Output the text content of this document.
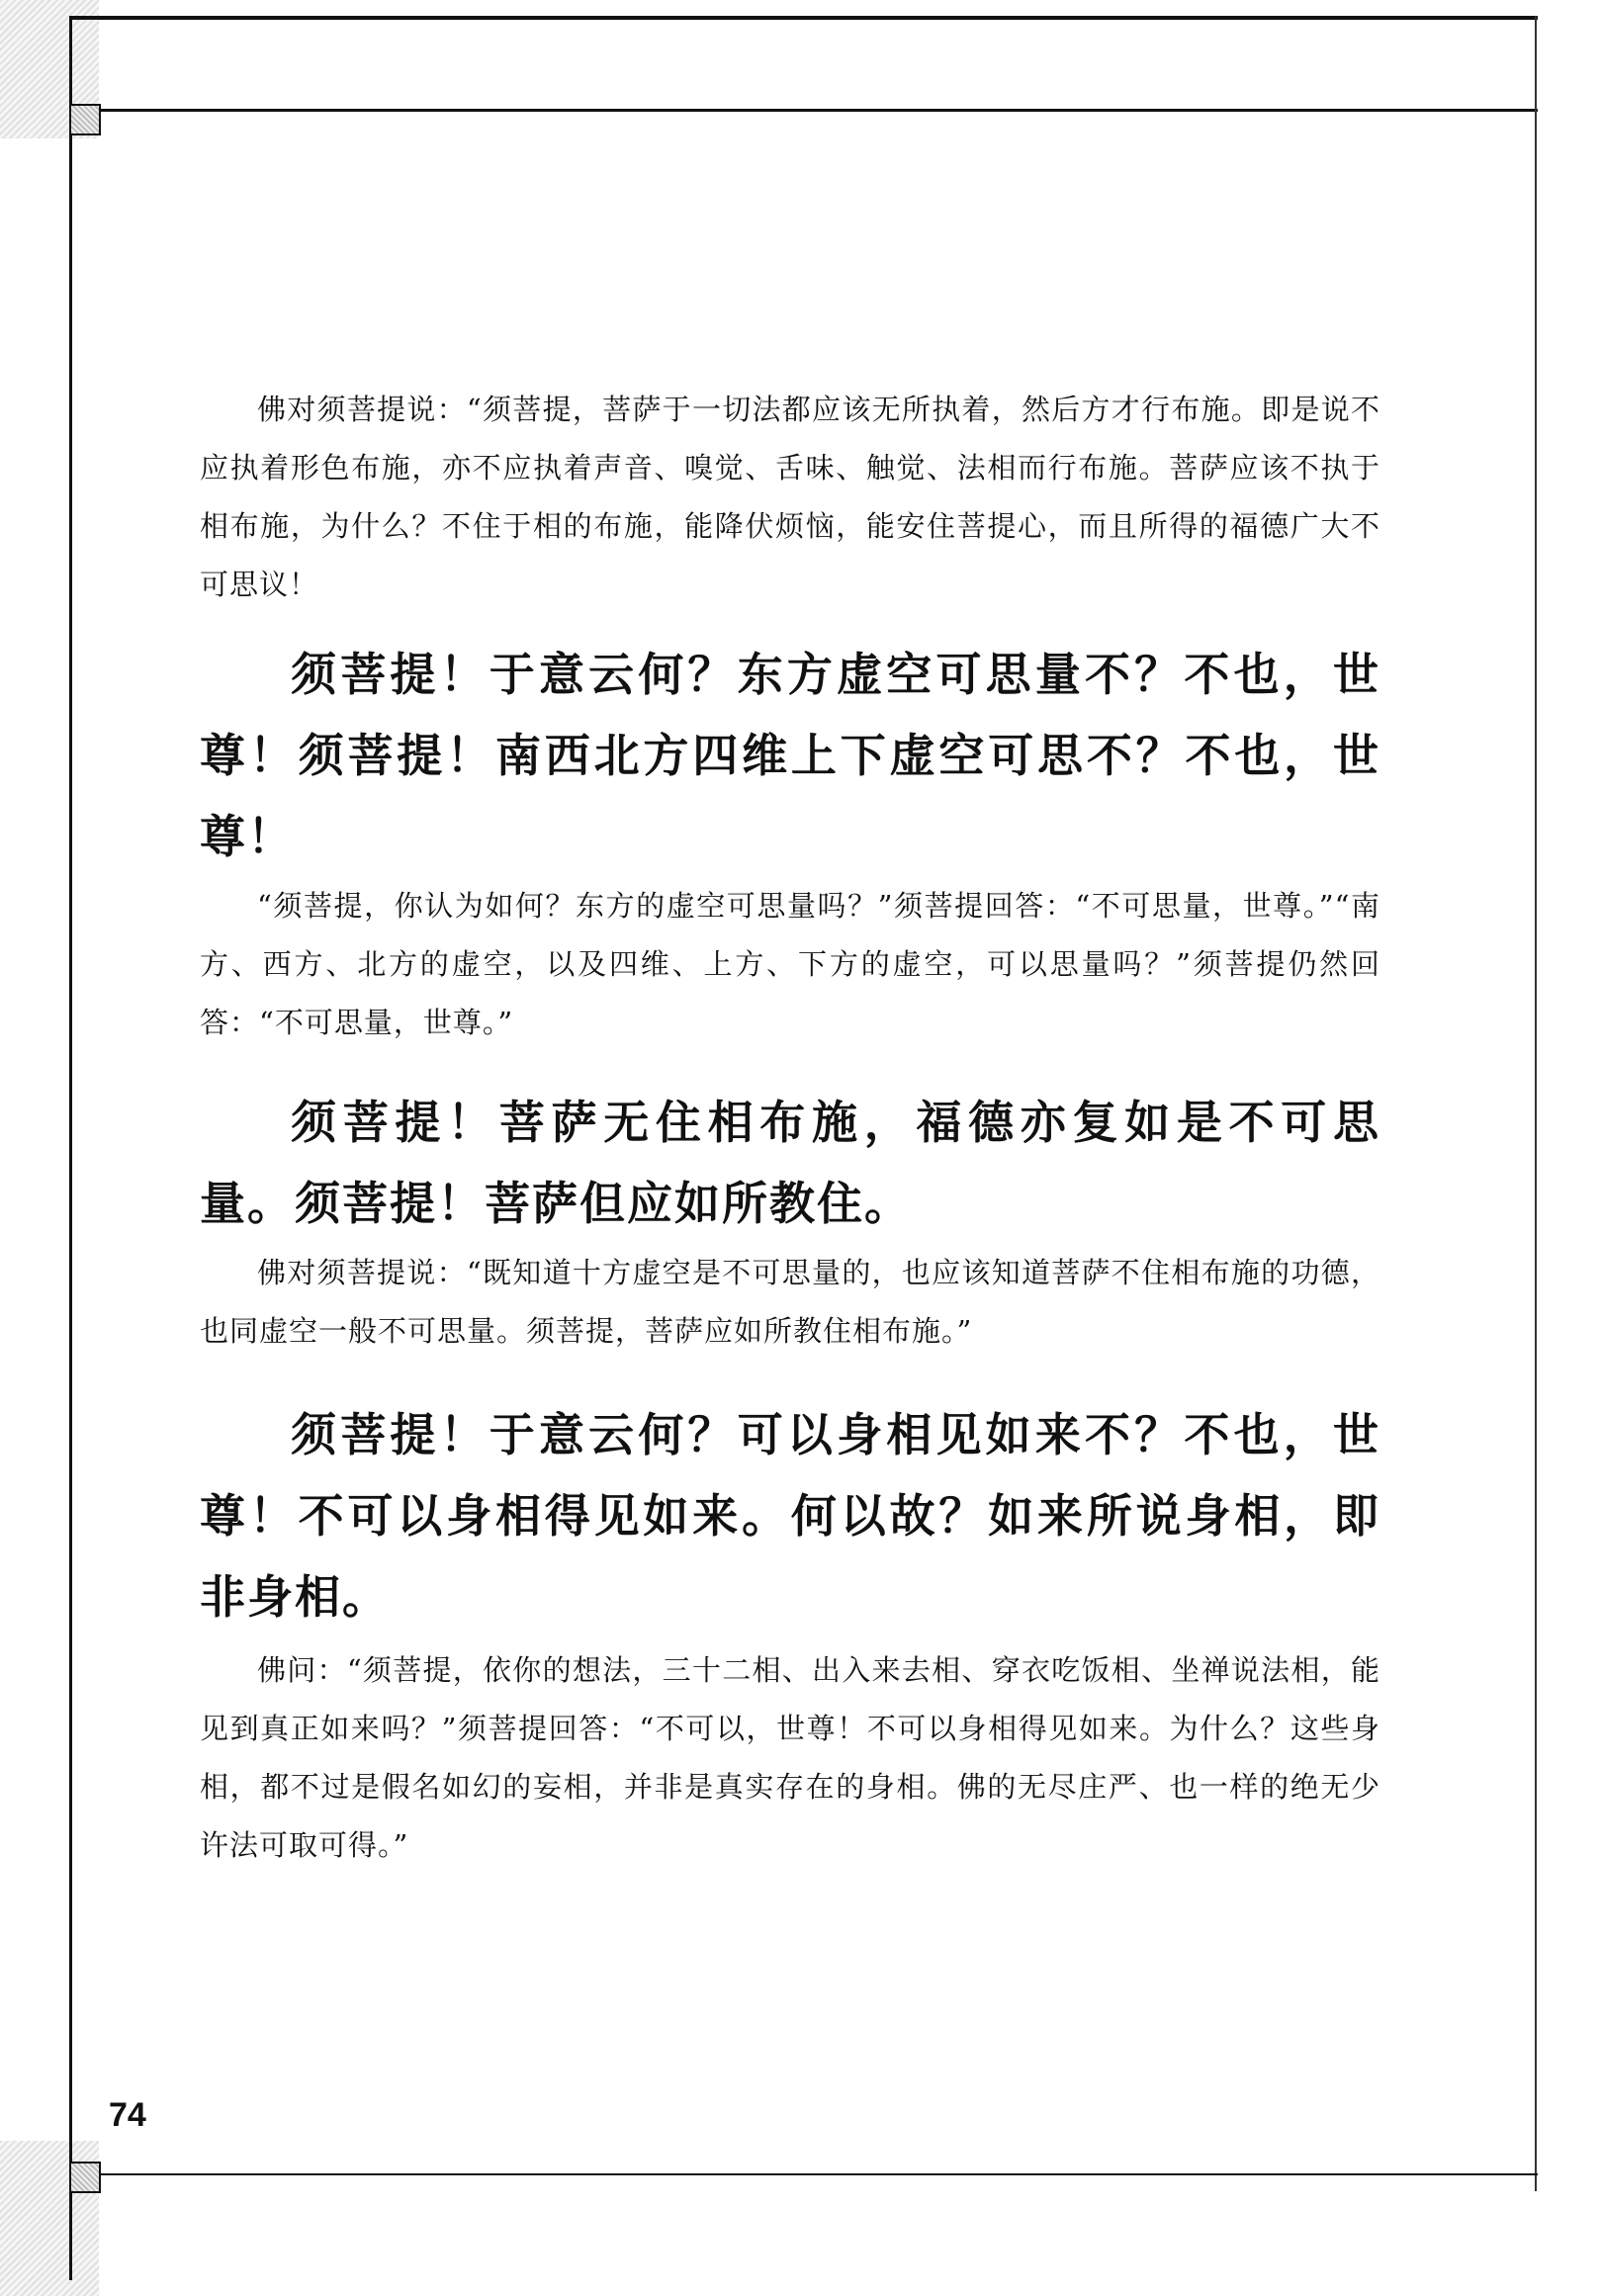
佛对须菩提说：“须菩提，菩萨于一切法都应该无所执着，然后方才行布施。即是说不应执着形色布施，亦不应执着声音、嗅觉、舌味、触觉、法相而行布施。菩萨应该不执于相布施，为什么？不住于相的布施，能降伏烦恼，能安住菩提心，而且所得的福德广大不可思议！

须菩提！于意云何？东方虚空可思量不？不也，世尊！须菩提！南西北方四维上下虚空可思不？不也，世尊！

“须菩提，你认为如何？东方的虚空可思量吗？”须菩提回答：“不可思量，世尊。”“南方、西方、北方的虚空，以及四维、上方、下方的虚空，可以思量吗？”须菩提仍然回答：“不可思量，世尊。”

须菩提！菩萨无住相布施，福德亦复如是不可思量。须菩提！菩萨但应如所教住。

佛对须菩提说：“既知道十方虚空是不可思量的，也应该知道菩萨不住相布施的功德，也同虚空一般不可思量。须菩提，菩萨应如所教住相布施。”

须菩提！于意云何？可以身相见如来不？不也，世尊！不可以身相得见如来。何以故？如来所说身相，即非身相。

佛问：“须菩提，依你的想法，三十二相、出入来去相、穿衣吃饭相、坐禅说法相，能见到真正如来吗？”须菩提回答：“不可以，世尊！不可以身相得见如来。为什么？这些身相，都不过是假名如幻的妄相，并非是真实存在的身相。佛的无尽庄严、也一样的绝无少许法可取可得。”

74
